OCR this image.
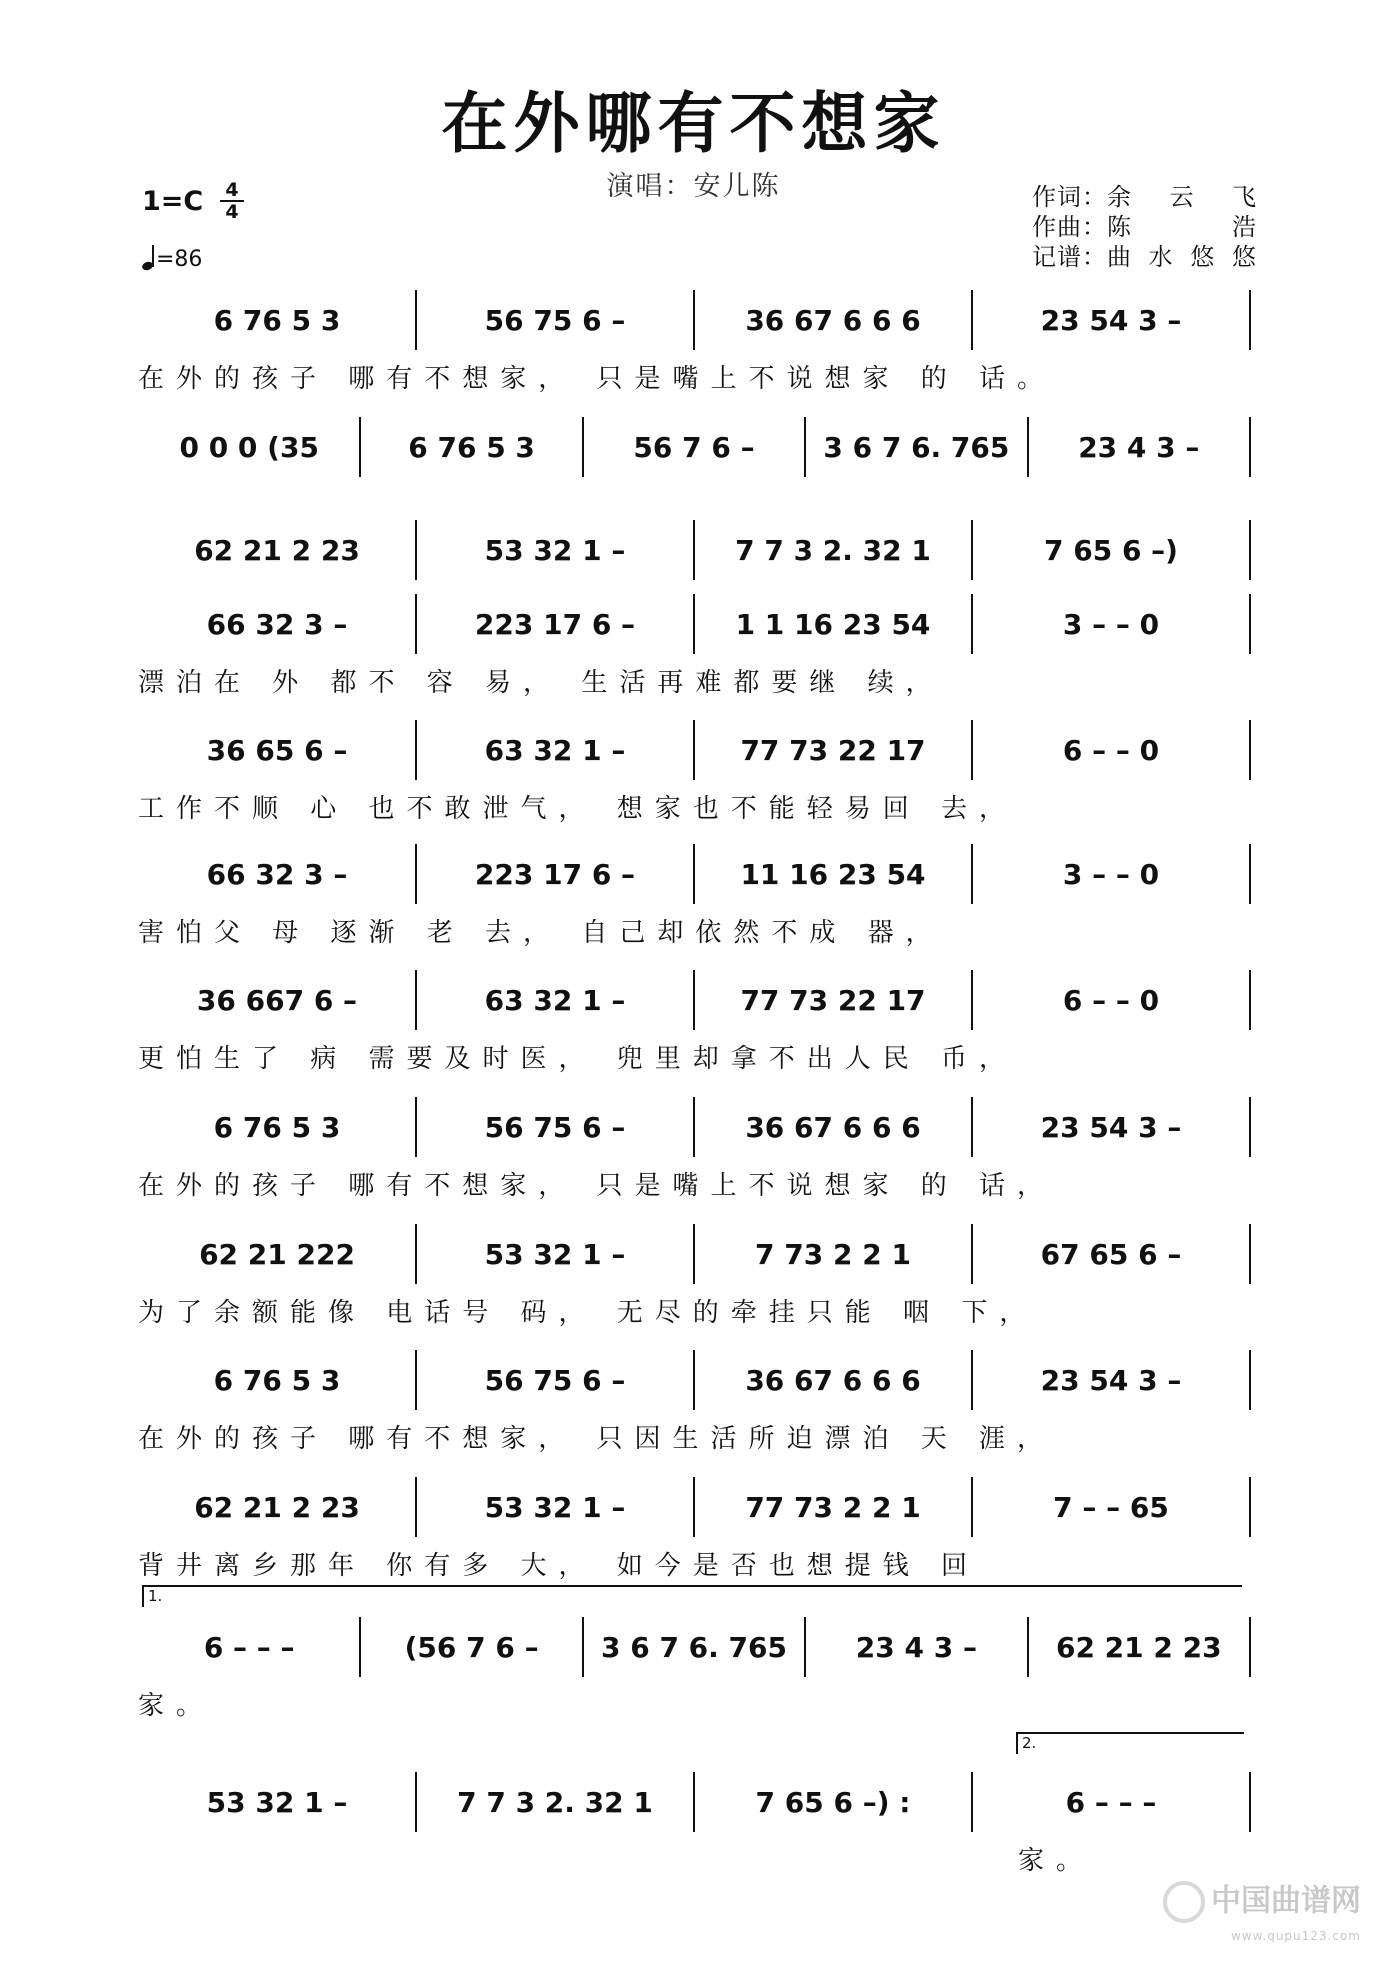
在外哪有不想家
演唱：安儿陈
$1=C \frac{4}{4}$
=86
作词：余云飞
作曲：陈浩
记谱：曲水悠悠
6 76 5 3	56 75 6 –	36 67 6 6 6	23 54 3 –
在外的孩子 哪有不想家， 只是嘴上不说想家 的 话。
0 0 0 (35	6 76 5 3	56 7 6 –	3 6 7 6. 765	23 4 3 –
62 21 2 23	53 32 1 –	7 7 3 2. 32 1	7 65 6 –)
66 32 3 –	223 17 6 –	1 1 16 23 54	3 – – 0
漂泊在 外 都不 容 易， 生活再难都要继 续，
36 65 6 –	63 32 1 –	77 73 22 17	6 – – 0
工作不顺 心 也不敢泄气， 想家也不能轻易回 去，
66 32 3 –	223 17 6 –	11 16 23 54	3 – – 0
害怕父 母 逐渐 老 去， 自己却依然不成 器，
36 667 6 –	63 32 1 –	77 73 22 17	6 – – 0
更怕生了 病 需要及时医， 兜里却拿不出人民 币，
6 76 5 3	56 75 6 –	36 67 6 6 6	23 54 3 –
在外的孩子 哪有不想家， 只是嘴上不说想家 的 话，
62 21 222	53 32 1 –	7 73 2 2 1	67 65 6 –
为了余额能像 电话号 码， 无尽的牵挂只能 咽 下，
6 76 5 3	56 75 6 –	36 67 6 6 6	23 54 3 –
在外的孩子 哪有不想家， 只因生活所迫漂泊 天 涯，
62 21 2 23	53 32 1 –	77 73 2 2 1	7 – – 65
背井离乡那年 你有多 大， 如今是否也想提钱 回
6 – – –	(56 7 6 –	3 6 7 6. 765	23 4 3 –	62 21 2 23
家。
53 32 1 –	7 7 3 2. 32 1	7 65 6 –) :	6 – – –
家。
1.
2.
中国曲谱网
www.qupu123.com
